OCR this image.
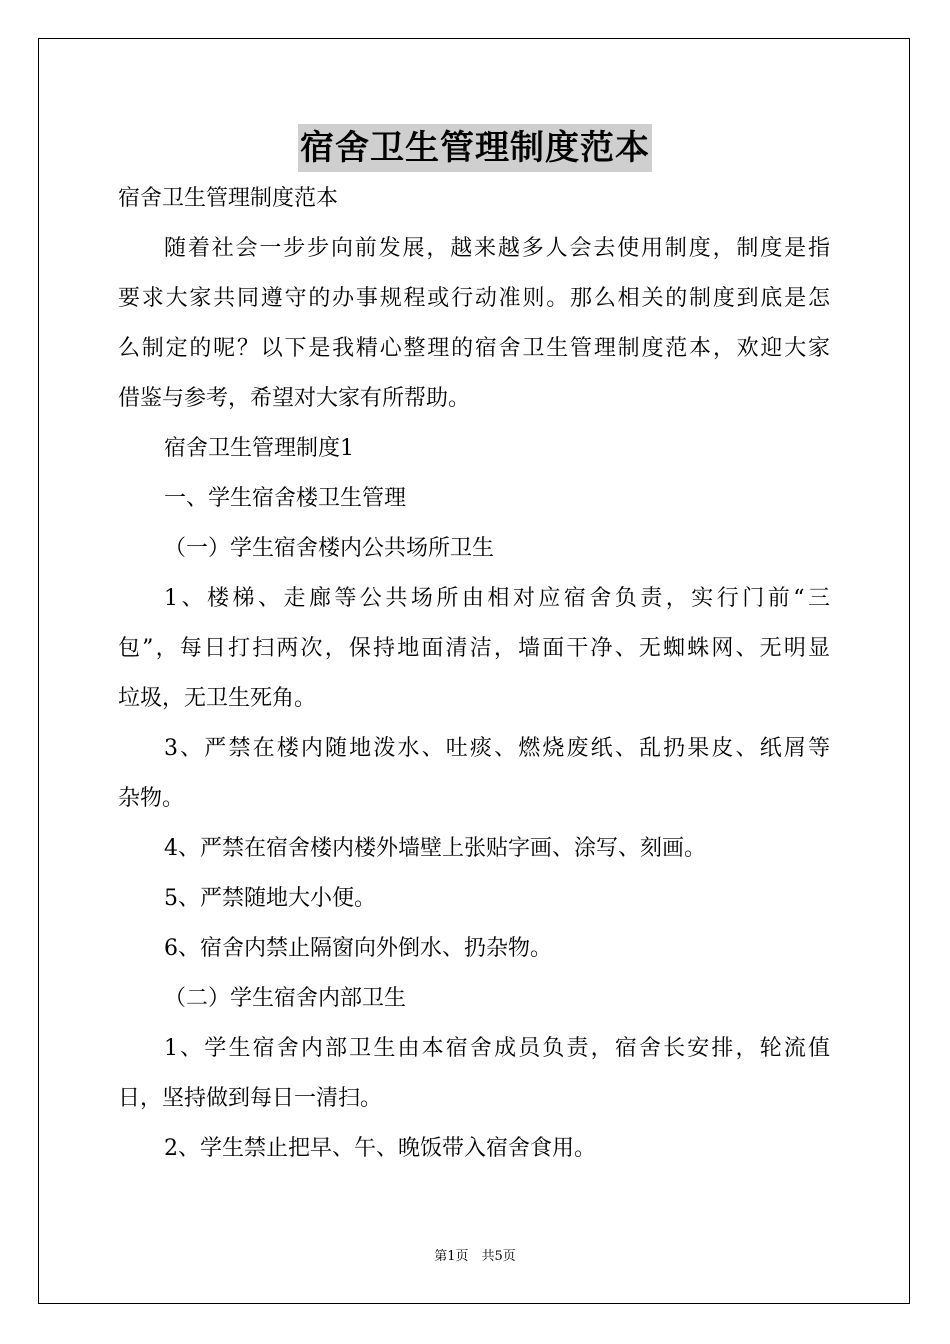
宿舍卫生管理制度范本
宿舍卫生管理制度范本
随着社会一步步向前发展，越来越多人会去使用制度，制度是指
要求大家共同遵守的办事规程或行动准则。那么相关的制度到底是怎
么制定的呢？以下是我精心整理的宿舍卫生管理制度范本，欢迎大家
借鉴与参考，希望对大家有所帮助。
宿舍卫生管理制度1
一、学生宿舍楼卫生管理
（一）学生宿舍楼内公共场所卫生
1、楼梯、走廊等公共场所由相对应宿舍负责，实行门前“三
包”，每日打扫两次，保持地面清洁，墙面干净、无蜘蛛网、无明显
垃圾，无卫生死角。
3、严禁在楼内随地泼水、吐痰、燃烧废纸、乱扔果皮、纸屑等
杂物。
4、严禁在宿舍楼内楼外墙壁上张贴字画、涂写、刻画。
5、严禁随地大小便。
6、宿舍内禁止隔窗向外倒水、扔杂物。
（二）学生宿舍内部卫生
1、学生宿舍内部卫生由本宿舍成员负责，宿舍长安排，轮流值
日，坚持做到每日一清扫。
2、学生禁止把早、午、晚饭带入宿舍食用。
第1页　共5页
